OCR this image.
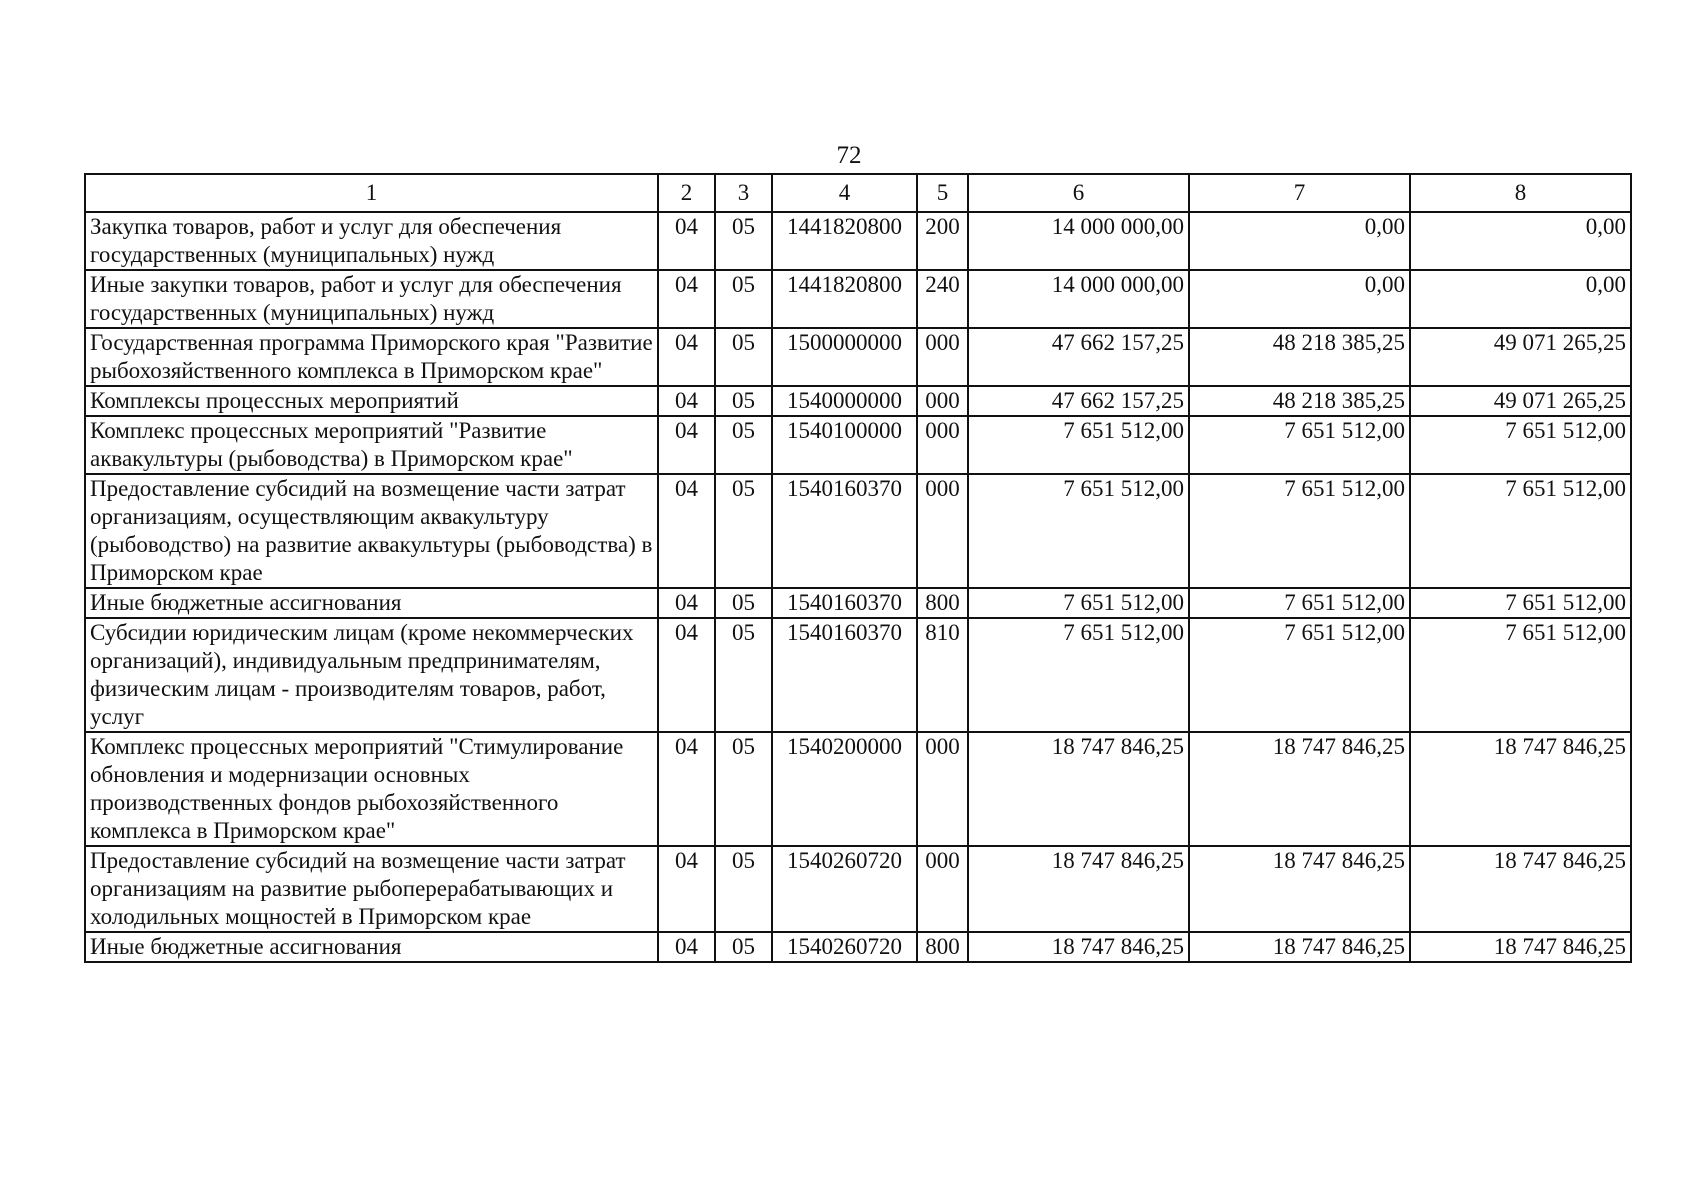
72
1	2	3	4	5	6	7	8
Закупка товаров, работ и услуг для обеспечения государственных (муниципальных) нужд	04	05	1441820800	200	14 000 000,00	0,00	0,00
Иные закупки товаров, работ и услуг для обеспечения государственных (муниципальных) нужд	04	05	1441820800	240	14 000 000,00	0,00	0,00
Государственная программа Приморского края "Развитие рыбохозяйственного комплекса в Приморском крае"	04	05	1500000000	000	47 662 157,25	48 218 385,25	49 071 265,25
Комплексы процессных мероприятий	04	05	1540000000	000	47 662 157,25	48 218 385,25	49 071 265,25
Комплекс процессных мероприятий "Развитие аквакультуры (рыбоводства) в Приморском крае"	04	05	1540100000	000	7 651 512,00	7 651 512,00	7 651 512,00
Предоставление субсидий на возмещение части затрат организациям, осуществляющим аквакультуру (рыбоводство) на развитие аквакультуры (рыбоводства) в Приморском крае	04	05	1540160370	000	7 651 512,00	7 651 512,00	7 651 512,00
Иные бюджетные ассигнования	04	05	1540160370	800	7 651 512,00	7 651 512,00	7 651 512,00
Субсидии юридическим лицам (кроме некоммерческих организаций), индивидуальным предпринимателям, физическим лицам - производителям товаров, работ, услуг	04	05	1540160370	810	7 651 512,00	7 651 512,00	7 651 512,00
Комплекс процессных мероприятий "Стимулирование обновления и модернизации основных производственных фондов рыбохозяйственного комплекса в Приморском крае"	04	05	1540200000	000	18 747 846,25	18 747 846,25	18 747 846,25
Предоставление субсидий на возмещение части затрат организациям на развитие рыбоперерабатывающих и холодильных мощностей в Приморском крае	04	05	1540260720	000	18 747 846,25	18 747 846,25	18 747 846,25
Иные бюджетные ассигнования	04	05	1540260720	800	18 747 846,25	18 747 846,25	18 747 846,25
